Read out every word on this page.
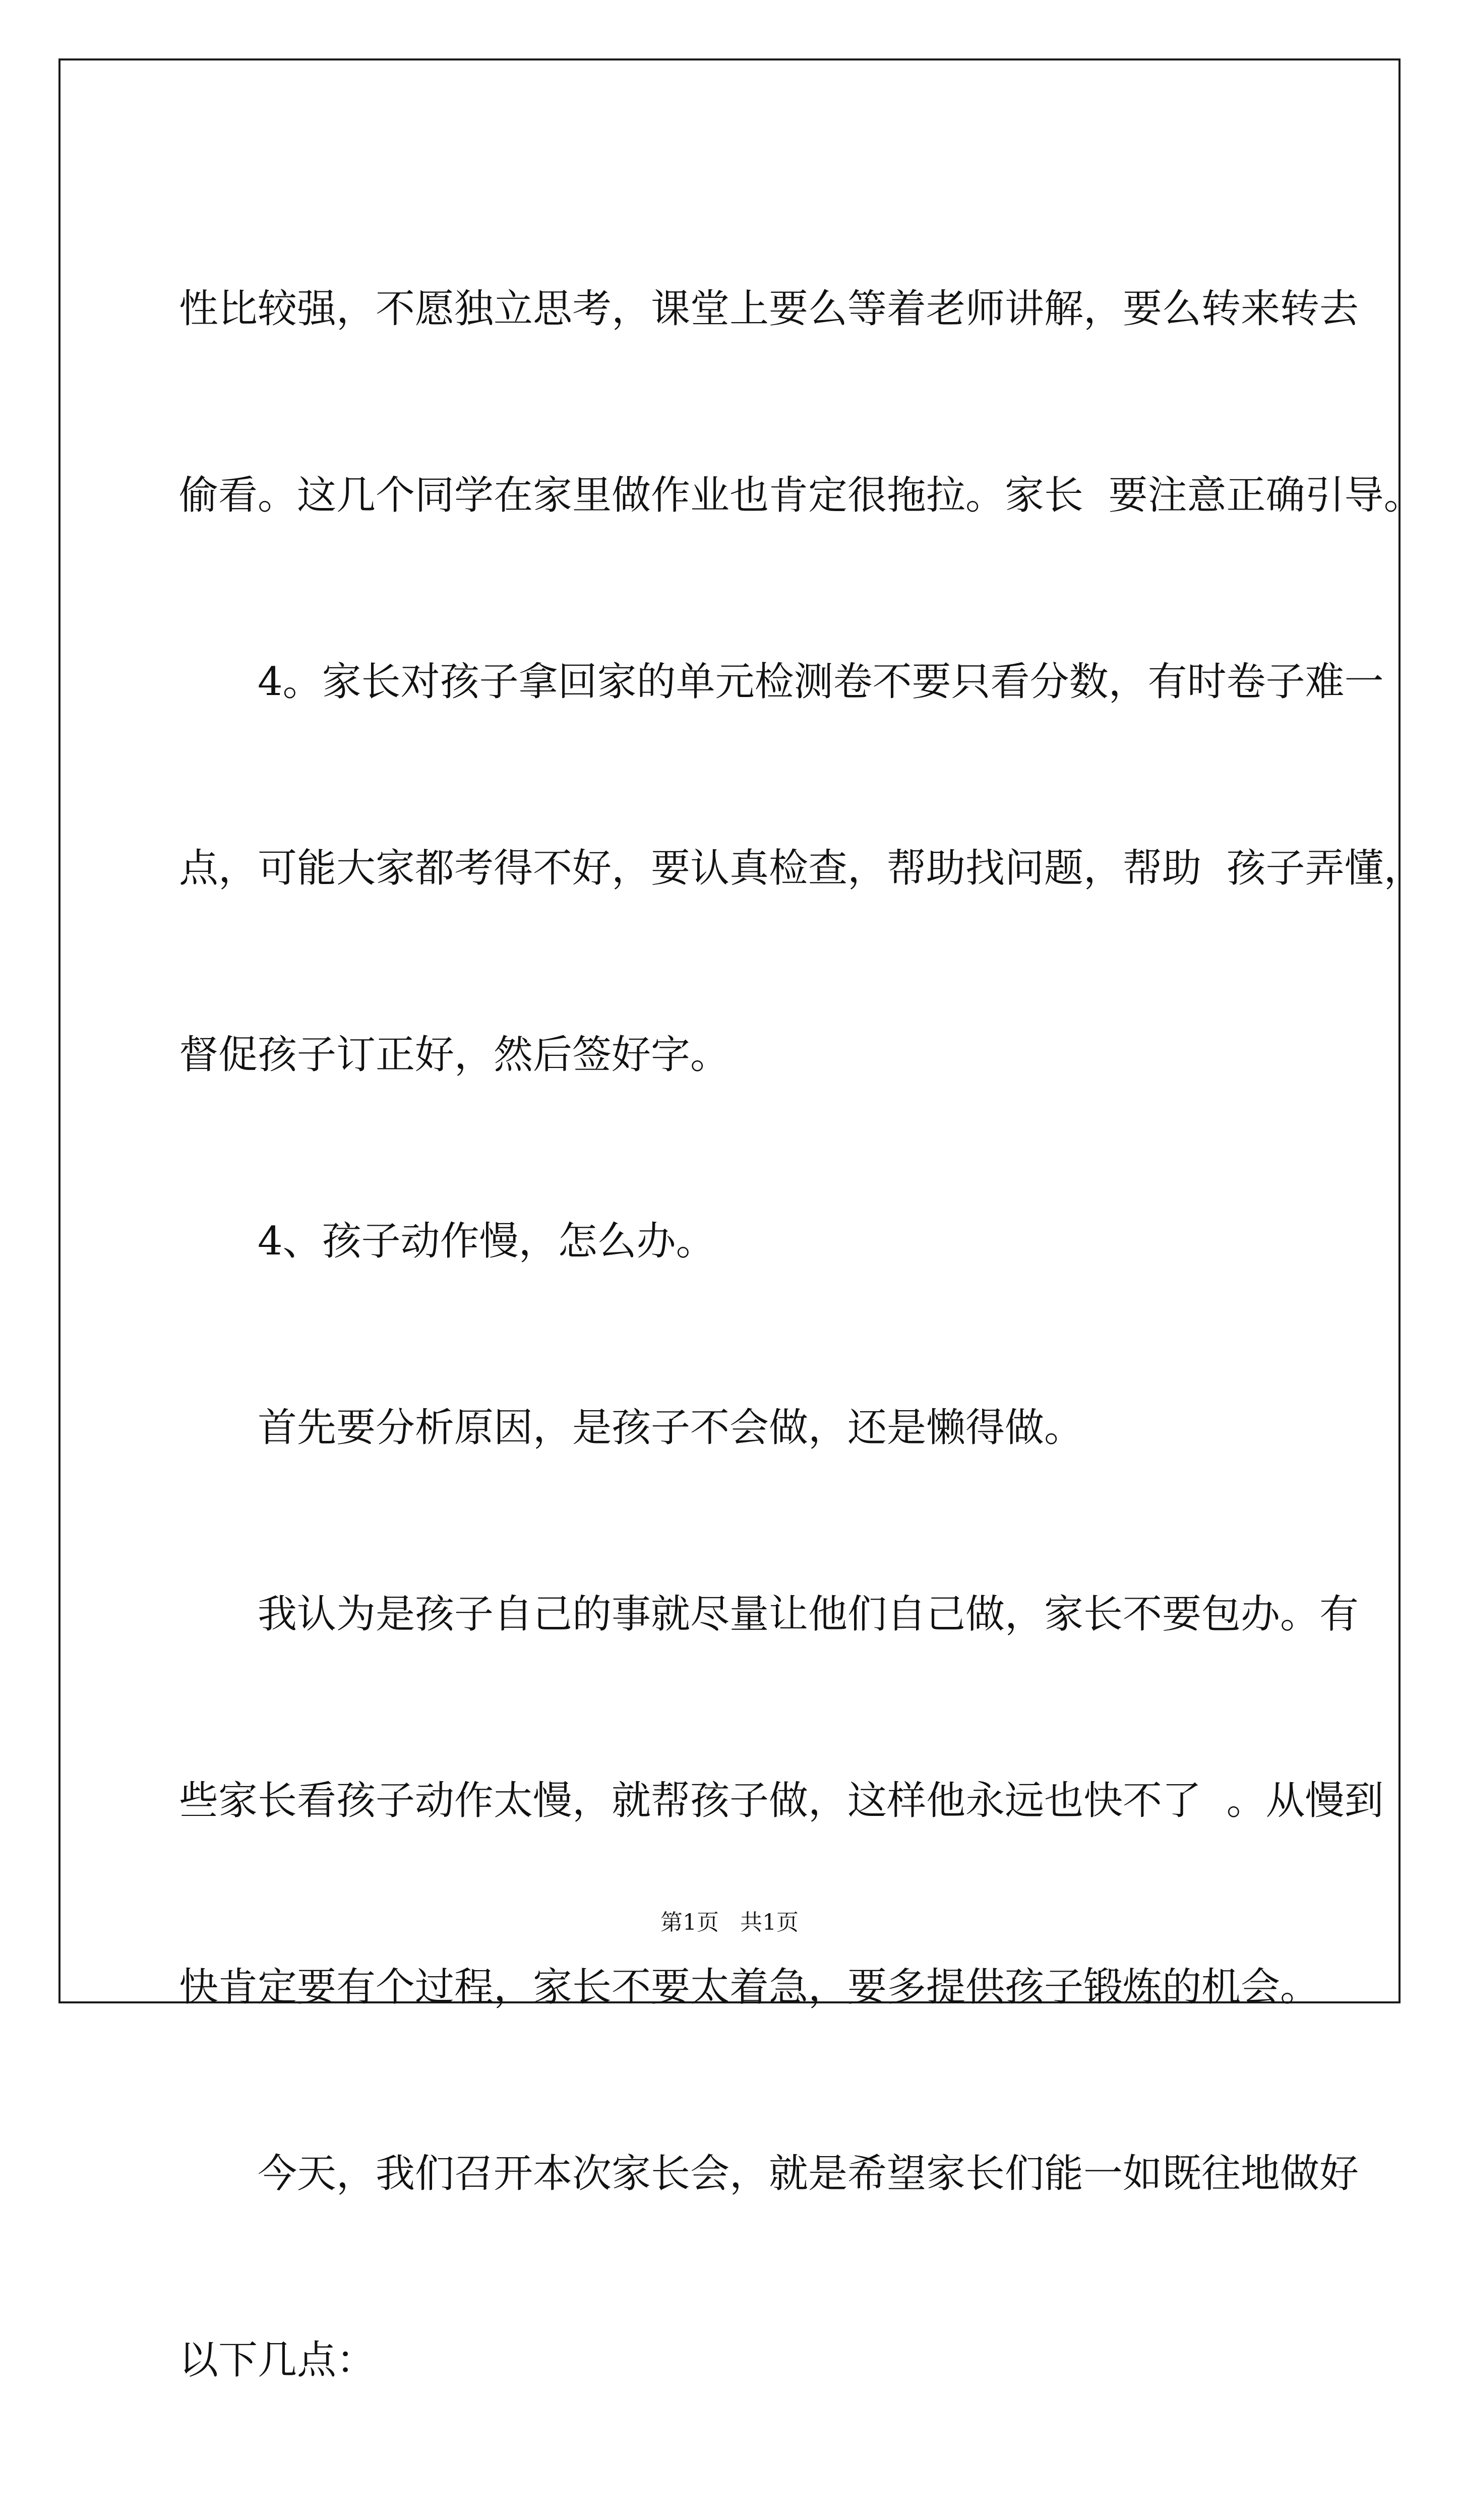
性比较强，不愿独立思考，课堂上要么等着老师讲解，要么转来转去

偷看。这几个同学在家里做作业也肯定很拖拉。家长  要注意正确引导。

4。家长对孩子拿回家的单元检测卷不要只看分数，有时卷子难一

点，可能大家都考得不好，要认真检查，帮助找问题，帮助  孩子弄懂，

督促孩子订正好，然后签好字。

4、孩子动作慢，怎么办。

首先要分析原因，是孩子不会做，还是懒得做。

我认为是孩子自己的事就尽量让他们自己做，家长不要包办。有

些家长看孩子动作太慢，就帮孩子做，这样他永远也快不了  。从慢到

快肯定要有个过程，家长不要太着急，要多提供孩子锻炼的机会。

今天，我们召开本次家长会，就是希望家长们能一如既往地做好

以下几点：

第1页   共1页
